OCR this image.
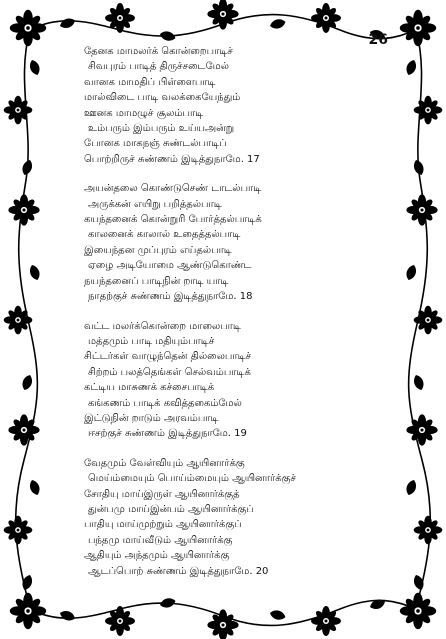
26
தேனக மாமலர்க் கொன்றைபாடிச்
சிவபுரம் பாடித் திருச்சடைமேல்
வானக மாமதிப் பிள்ளைபாடி
மால்விடை பாடி வலக்கையேந்தும்
ஊனக மாமழுச் சூலம்பாடி
உம்பரும் இம்பரும் உய்யஅன்று
போனக மாகநஞ் சுண்டல்பாடிப்
பொற்றிருச் சுண்ணம் இடித்துநாமே. 17
அயன்தலை கொண்டுசெண் டாடல்பாடி
அருக்கன் எயிறு பறித்தல்பாடி
கயந்தனைக் கொன்றுரி போர்த்தல்பாடிக்
காலனைக் காலால் உதைத்தல்பாடி
இயைந்தன முப்புரம் எய்தல்பாடி
ஏழை அடியோமை ஆண்டுகொண்ட
நயந்தனைப் பாடிநின் றாடி யாடி
நாதற்குச் சுண்ணம் இடித்துநாமே. 18
வட்ட மலர்க்கொன்றை மாலைபாடி
மத்தமும் பாடி மதியும்பாடிச்
சிட்டர்கள் வாழுந்தென் தில்லைபாடிச்
சிற்றம் பலத்தெங்கள் செல்வம்பாடிக்
கட்டிய மாசுணக் கச்சைபாடிக்
கங்கணம் பாடிக் கவித்தகைம்மேல்
இட்டுநின் றாடும் அரவம்பாடி
ஈசற்குச் சுண்ணம் இடித்துநாமே. 19
வேதமும் வேள்வியும் ஆயினார்க்கு
மெய்ம்மையும் பொய்ம்மையும் ஆயினார்க்குச்
சோதியு மாய்இருள் ஆயினார்க்குத்
துன்பமு மாய்இன்பம் ஆயினார்க்குப்
பாதியு மாய்முற்றும் ஆயினார்க்குப்
பந்தமு மாய்வீடும் ஆயினார்க்கு
ஆதியும் அந்தமும் ஆயினார்க்கு
ஆடப்பொற் சுண்ணம் இடித்துநாமே. 20
